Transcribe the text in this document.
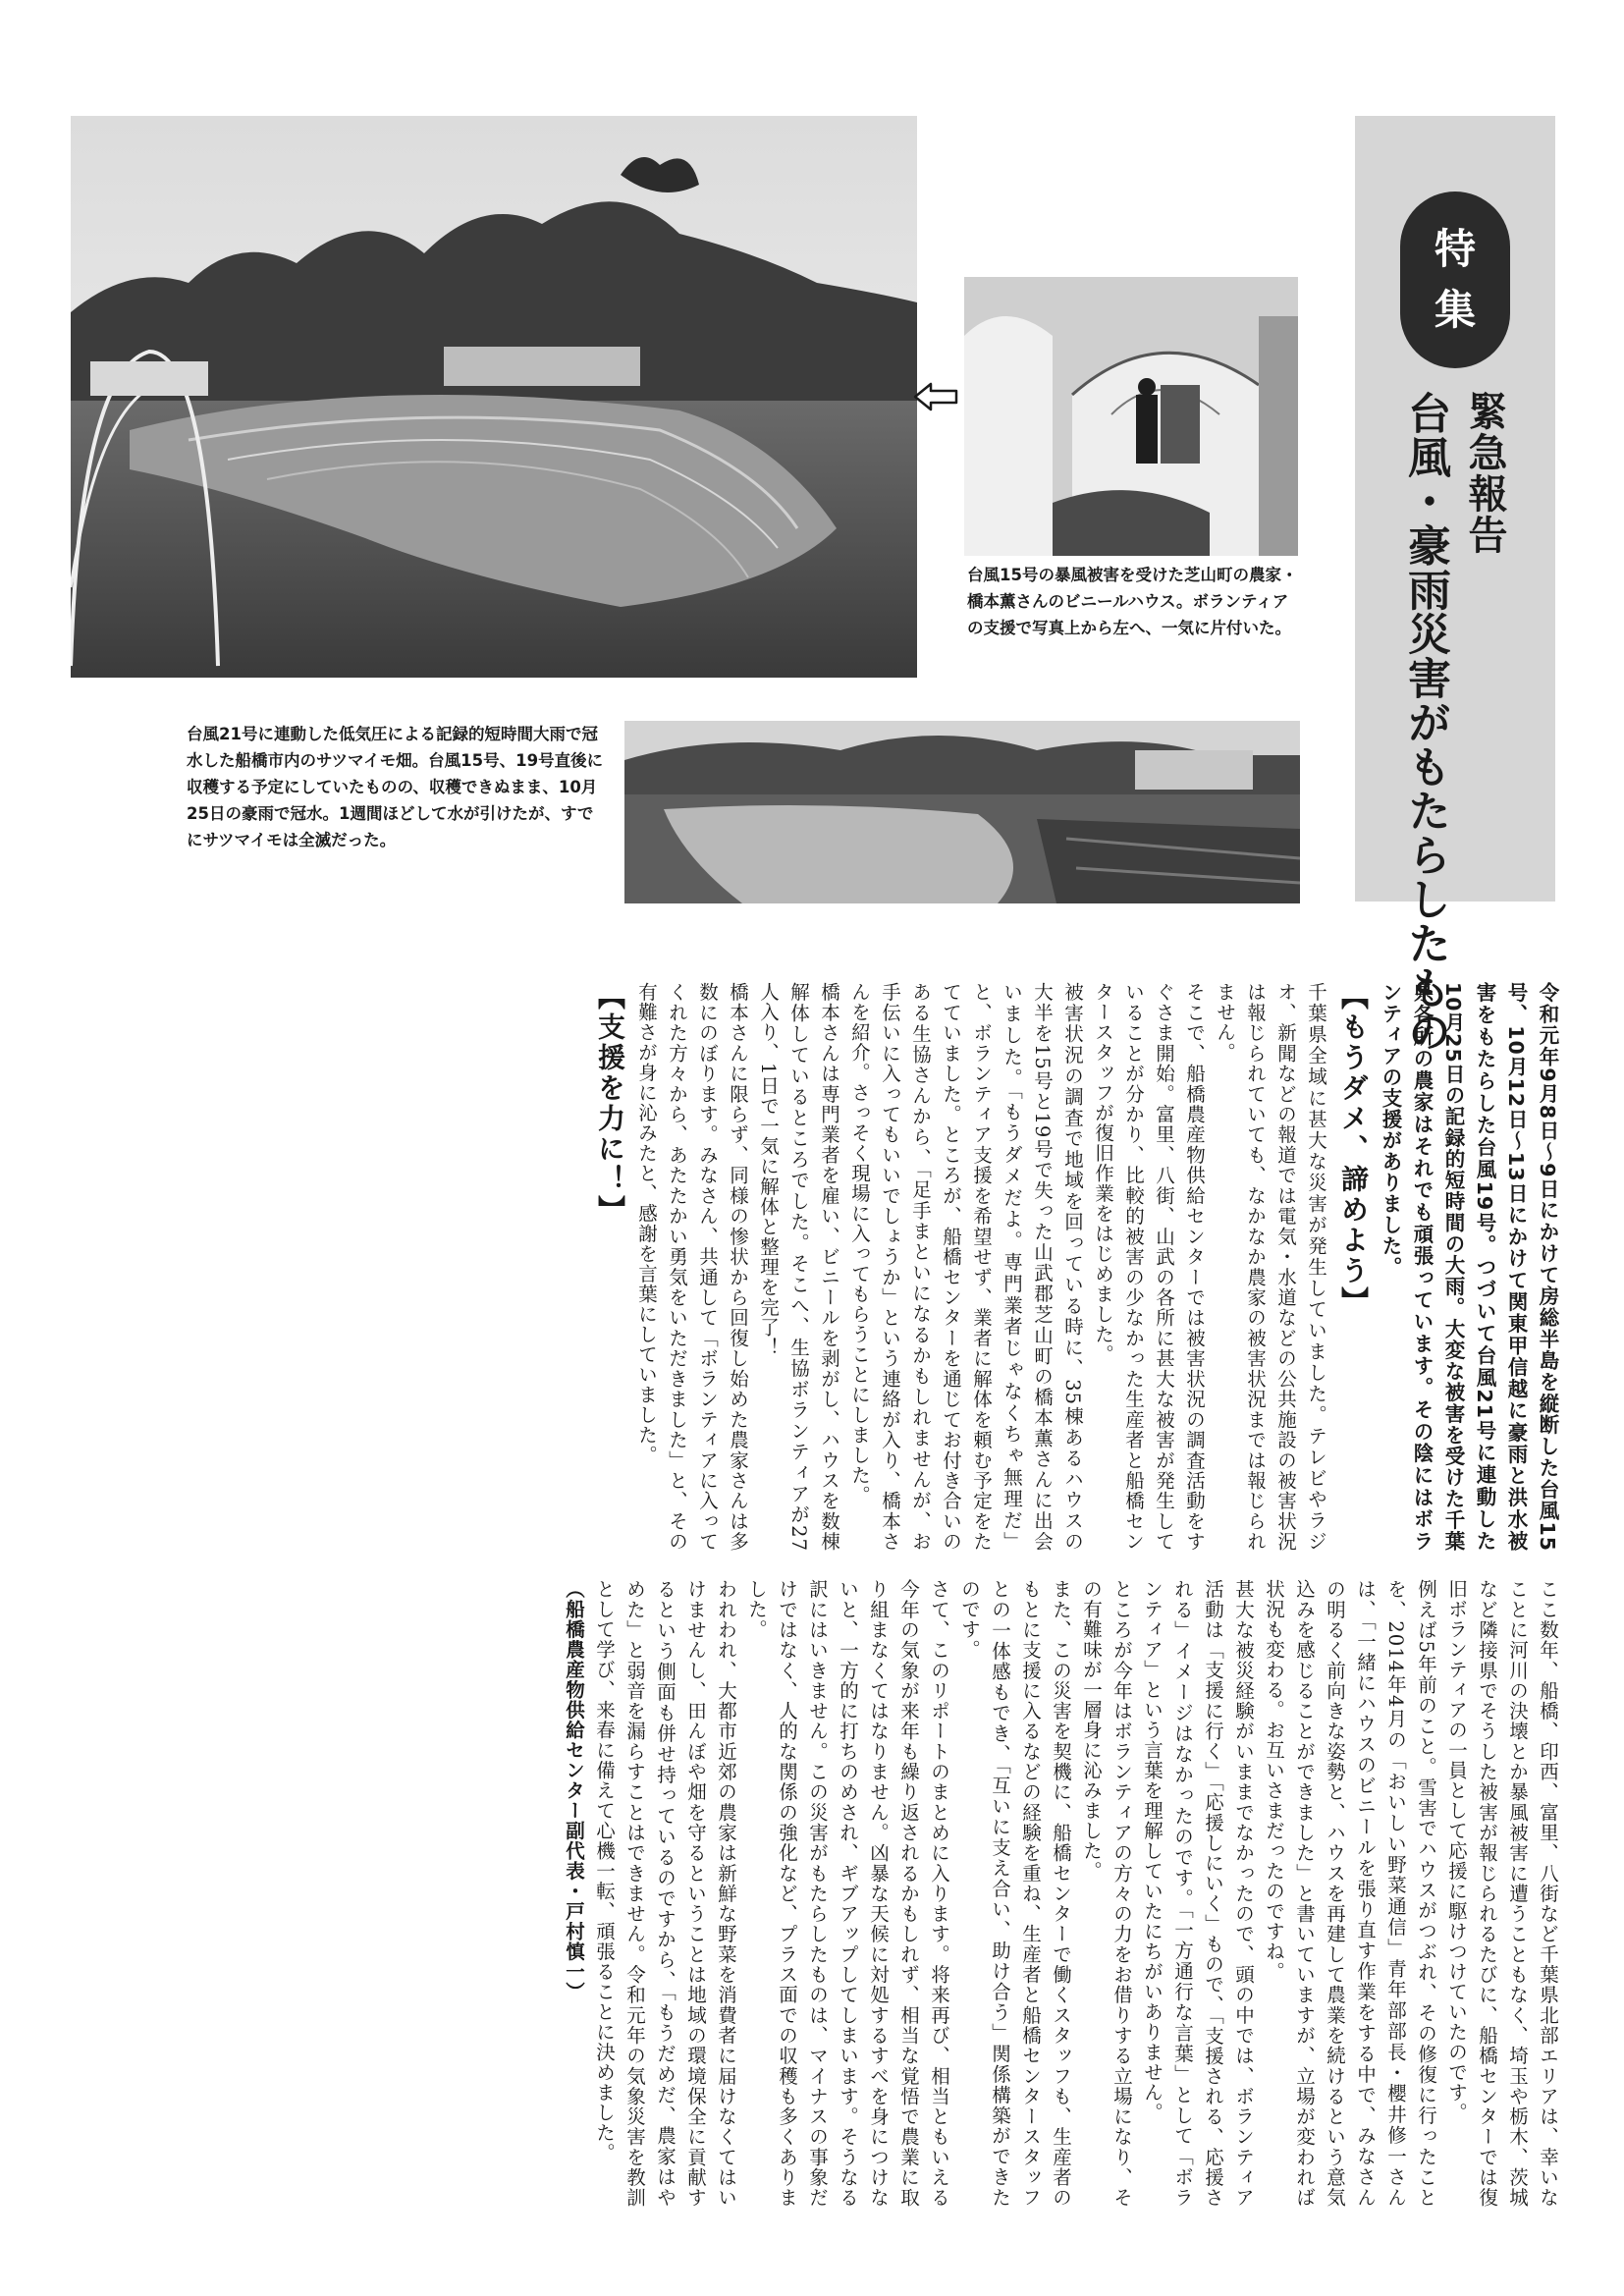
台風15号の暴風被害を受けた芝山町の農家・橋本薫さんのビニールハウス。ボランティアの支援で写真上から左へ、一気に片付いた。
台風21号に連動した低気圧による記録的短時間大雨で冠水した船橋市内のサツマイモ畑。台風15号、19号直後に収穫する予定にしていたものの、収穫できぬまま、10月25日の豪雨で冠水。1週間ほどして水が引けたが、すでにサツマイモは全滅だった。
特
集
緊急報告
台風・豪雨災害がもたらしたもの

令和元年9月8日〜9日にかけて房総半島を縦断した台風15号、10月12日〜13日にかけて関東甲信越に豪雨と洪水被害をもたらした台風19号。つづいて台風21号に連動した10月25日の記録的短時間の大雨。大変な被害を受けた千葉県各所の農家はそれでも頑張っています。その陰にはボランティアの支援がありました。

【もうダメ、諦めよう】

千葉県全域に甚大な災害が発生していました。テレビやラジオ、新聞などの報道では電気・水道などの公共施設の被害状況は報じられていても、なかなか農家の被害状況までは報じられません。

そこで、船橋農産物供給センターでは被害状況の調査活動をすぐさま開始。富里、八街、山武の各所に甚大な被害が発生していることが分かり、比較的被害の少なかった生産者と船橋センタースタッフが復旧作業をはじめました。

被害状況の調査で地域を回っている時に、35棟あるハウスの大半を15号と19号で失った山武郡芝山町の橋本薫さんに出会いました。「もうダメだよ。専門業者じゃなくちゃ無理だ」と、ボランティア支援を希望せず、業者に解体を頼む予定をたてていました。ところが、船橋センターを通じてお付き合いのある生協さんから、「足手まといになるかもしれませんが、お手伝いに入ってもいいでしょうか」という連絡が入り、橋本さんを紹介。さっそく現場に入ってもらうことにしました。

橋本さんは専門業者を雇い、ビニールを剥がし、ハウスを数棟解体しているところでした。そこへ、生協ボランティアが27人入り、1日で一気に解体と整理を完了！

橋本さんに限らず、同様の惨状から回復し始めた農家さんは多数にのぼります。みなさん、共通して「ボランティアに入ってくれた方々から、あたたかい勇気をいただきました」と、その有難さが身に沁みたと、感謝を言葉にしていました。

【支援を力に！】

ここ数年、船橋、印西、富里、八街など千葉県北部エリアは、幸いなことに河川の決壊とか暴風被害に遭うこともなく、埼玉や栃木、茨城など隣接県でそうした被害が報じられるたびに、船橋センターでは復旧ボランティアの一員として応援に駆けつけていたのです。

例えば5年前のこと。雪害でハウスがつぶれ、その修復に行ったことを、2014年4月の「おいしい野菜通信」青年部部長・櫻井修一さんは、「一緒にハウスのビニールを張り直す作業をする中で、みなさんの明るく前向きな姿勢と、ハウスを再建して農業を続けるという意気込みを感じることができました」と書いていますが、立場が変われば状況も変わる。お互いさまだったのですね。

甚大な被災経験がいままでなかったので、頭の中では、ボランティア活動は「支援に行く」「応援しにいく」もので、「支援される、応援される」イメージはなかったのです。「一方通行な言葉」として「ボランティア」という言葉を理解していたにちがいありません。

ところが今年はボランティアの方々の力をお借りする立場になり、その有難味が一層身に沁みました。

また、この災害を契機に、船橋センターで働くスタッフも、生産者のもとに支援に入るなどの経験を重ね、生産者と船橋センタースタッフとの一体感もでき、「互いに支え合い、助け合う」関係構築ができたのです。

さて、このリポートのまとめに入ります。将来再び、相当ともいえる今年の気象が来年も繰り返されるかもしれず、相当な覚悟で農業に取り組まなくてはなりません。凶暴な天候に対処するすべを身につけないと、一方的に打ちのめされ、ギブアップしてしまいます。そうなる訳にはいきません。この災害がもたらしたものは、マイナスの事象だけではなく、人的な関係の強化など、プラス面での収穫も多くありました。

われわれ、大都市近郊の農家は新鮮な野菜を消費者に届けなくてはいけませんし、田んぼや畑を守るということは地域の環境保全に貢献するという側面も併せ持っているのですから、「もうだめだ、農家はやめた」と弱音を漏らすことはできません。令和元年の気象災害を教訓として学び、来春に備えて心機一転、頑張ることに決めました。

（船橋農産物供給センター副代表・戸村慎一）
